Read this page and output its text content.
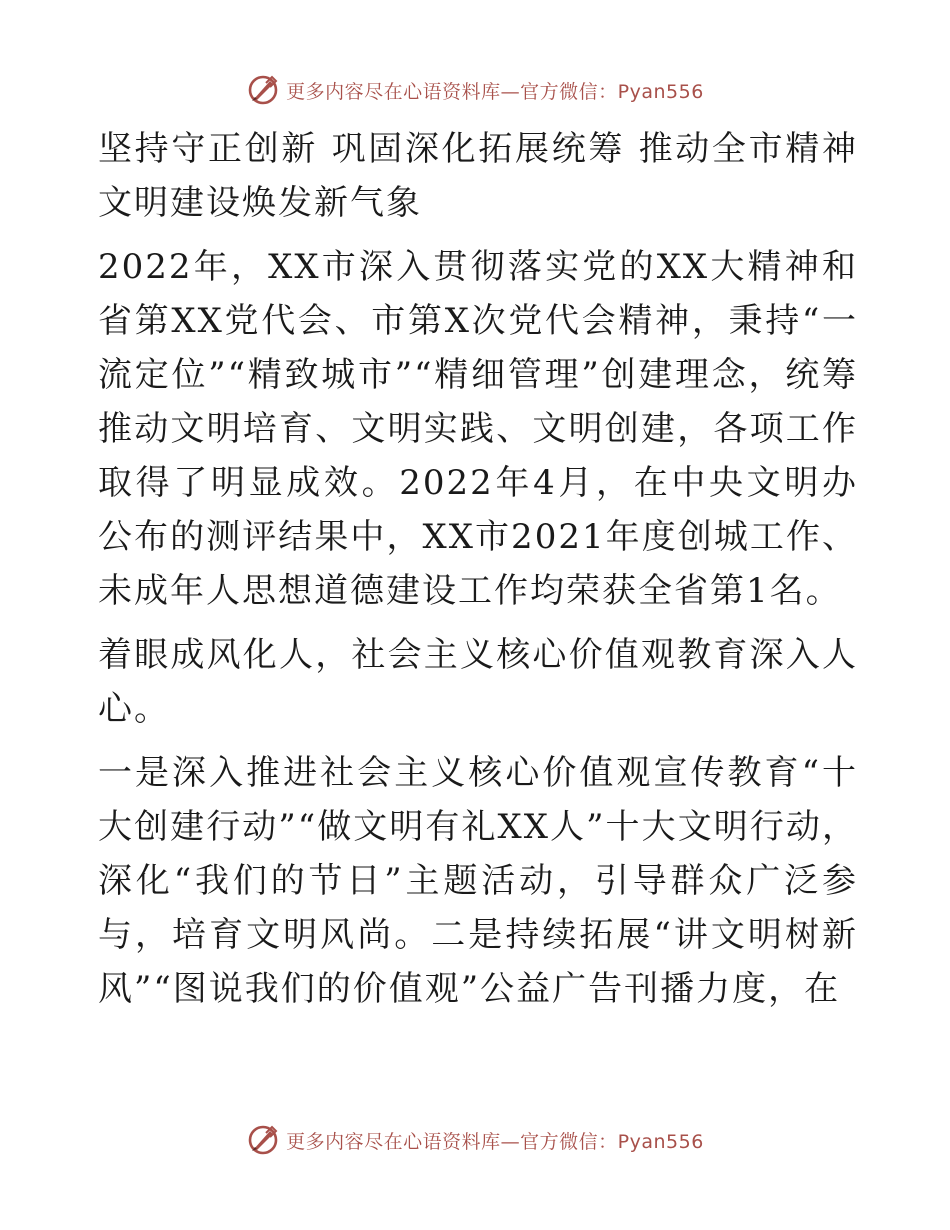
更多内容尽在心语资料库—官方微信：Pyan556

坚持守正创新 巩固深化拓展统筹 推动全市精神文明建设焕发新气象

2022年，XX市深入贯彻落实党的XX大精神和省第XX党代会、市第X次党代会精神，秉持“一流定位”“精致城市”“精细管理”创建理念，统筹推动文明培育、文明实践、文明创建，各项工作取得了明显成效。2022年4月，在中央文明办公布的测评结果中，XX市2021年度创城工作、未成年人思想道德建设工作均荣获全省第1名。

着眼成风化人，社会主义核心价值观教育深入人心。

一是深入推进社会主义核心价值观宣传教育“十大创建行动”“做文明有礼XX人”十大文明行动，深化“我们的节日”主题活动，引导群众广泛参与，培育文明风尚。二是持续拓展“讲文明树新风”“图说我们的价值观”公益广告刊播力度，在

更多内容尽在心语资料库—官方微信：Pyan556
